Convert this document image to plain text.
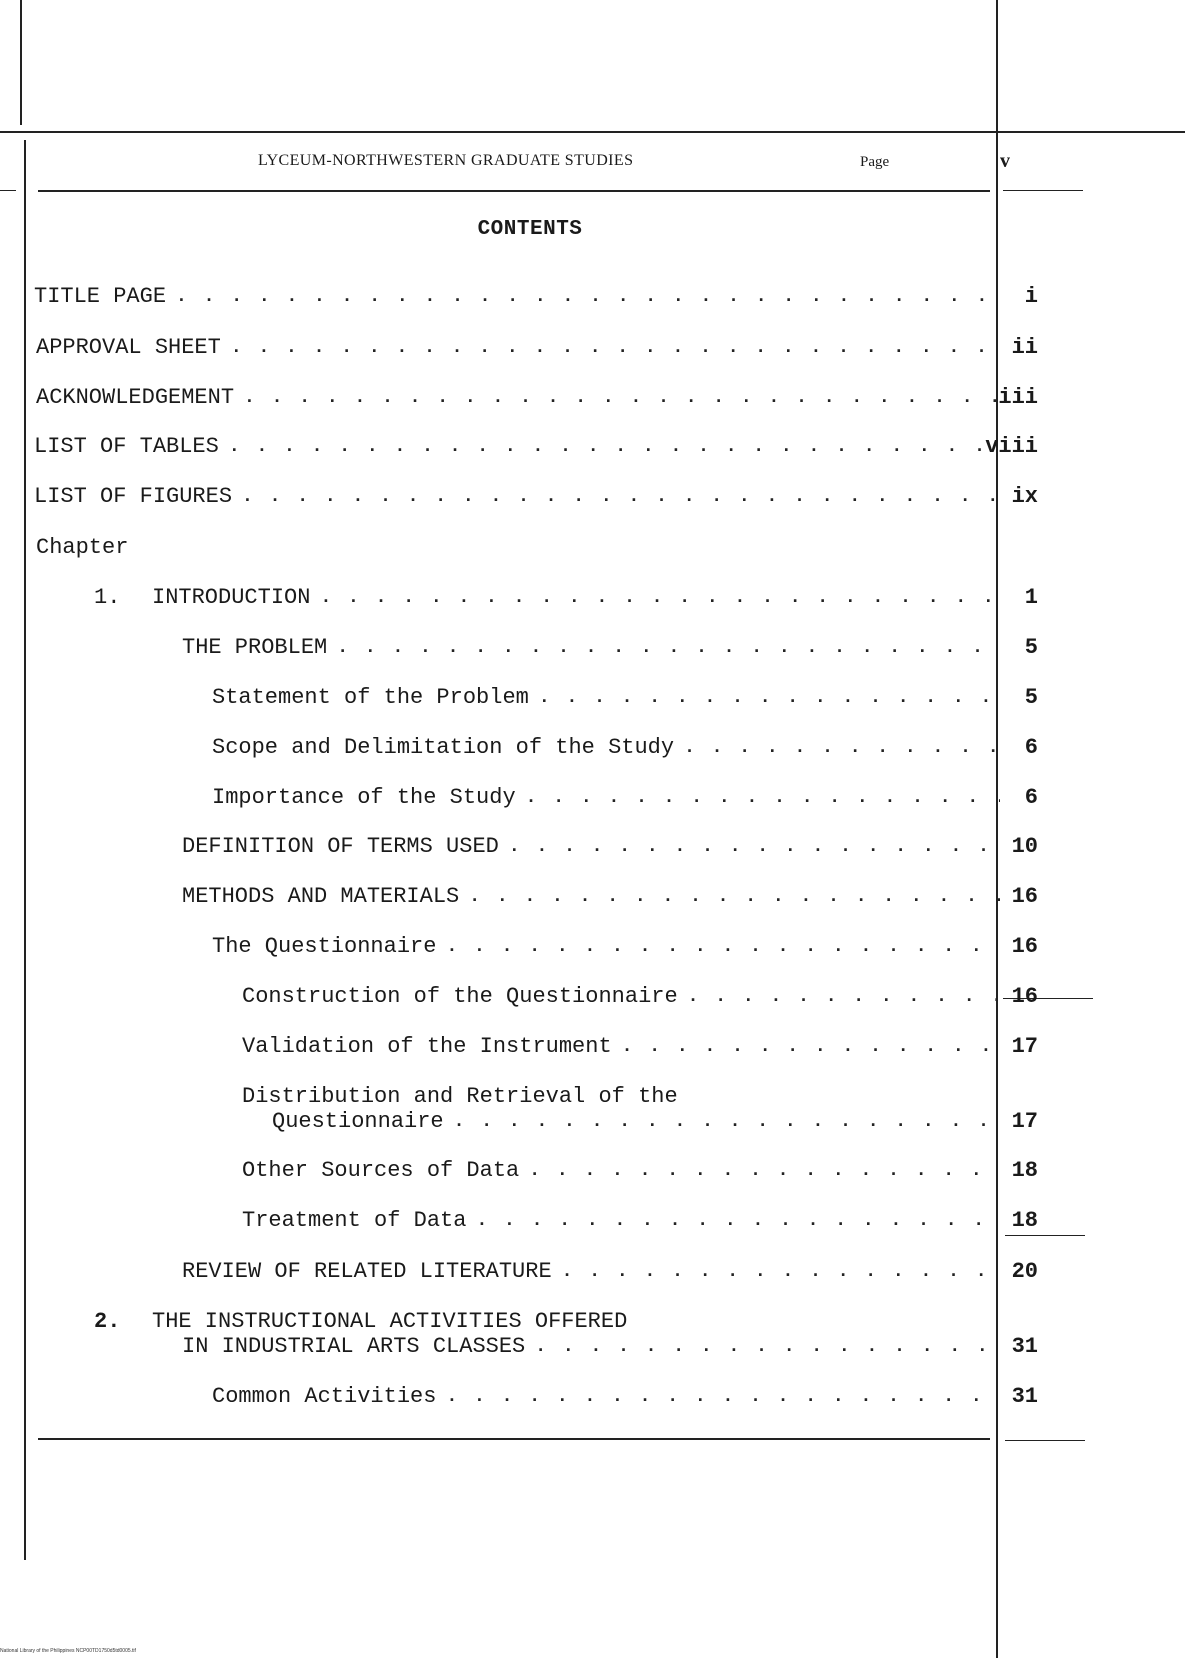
LYCEUM-NORTHWESTERN GRADUATE STUDIES	Page	v
CONTENTS
TITLE PAGE . . .	i
APPROVAL SHEET . . .	ii
ACKNOWLEDGEMENT . . .	iii
LIST OF TABLES . . .	viii
LIST OF FIGURES . . .	ix
Chapter
1. INTRODUCTION . . .	1
THE PROBLEM . . .	5
Statement of the Problem . . .	5
Scope and Delimitation of the Study . . .	6
Importance of the Study . . .	6
DEFINITION OF TERMS USED . . .	10
METHODS AND MATERIALS . . .	16
The Questionnaire . . .	16
Construction of the Questionnaire . . .	16
Validation of the Instrument . . .	17
Distribution and Retrieval of the
Questionnaire . . .	17
Other Sources of Data . . .	18
Treatment of Data . . .	18
REVIEW OF RELATED LITERATURE . . .	20
2. THE INSTRUCTIONAL ACTIVITIES OFFERED
IN INDUSTRIAL ARTS CLASSES . . .	31
Common Activities . . .	31
National Library of the Philippines NCP00TD1750d5td0005.tif
